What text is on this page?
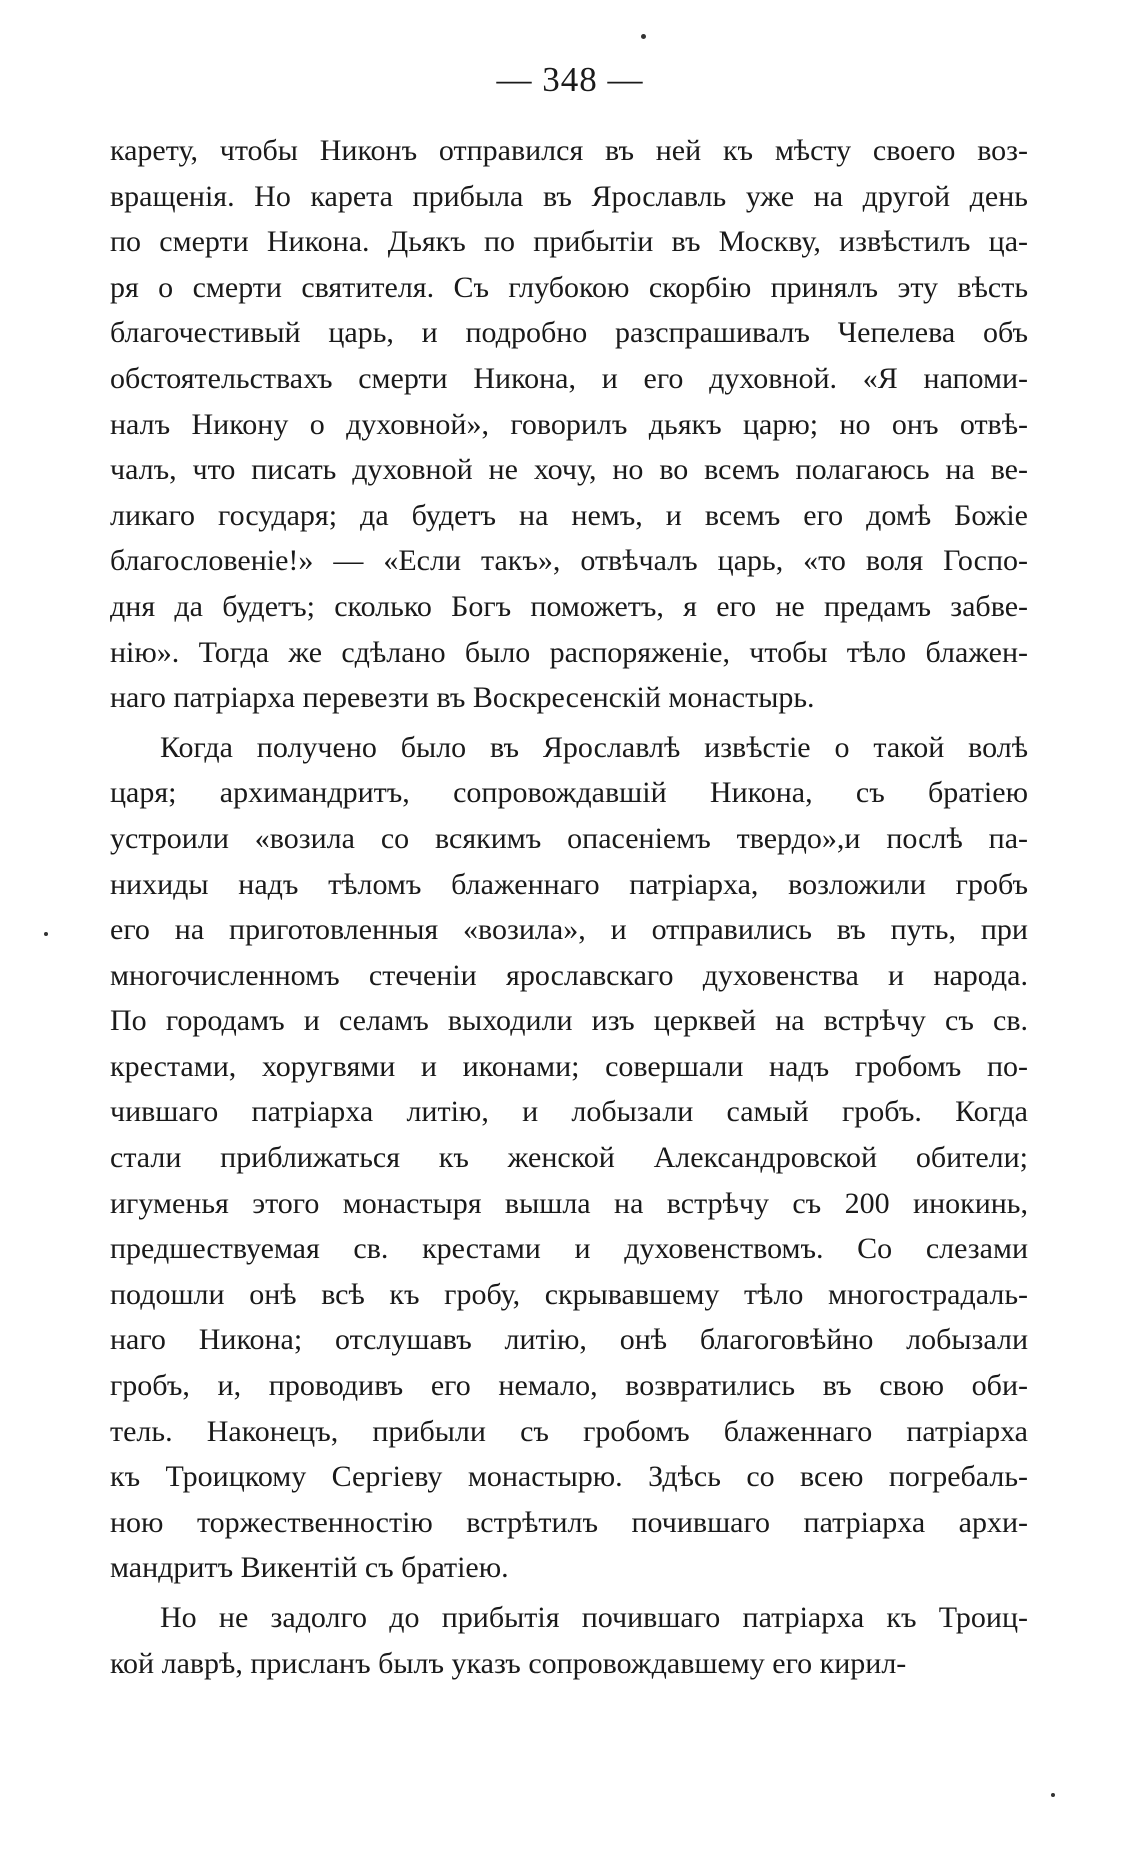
— 348 —
карету, чтобы Никонъ отправился въ ней къ мѣсту своего воз-
вращенія. Но карета прибыла въ Ярославль уже на другой день
по смерти Никона. Дьякъ по прибытіи въ Москву, извѣстилъ ца-
ря о смерти святителя. Съ глубокою скорбію принялъ эту вѣсть
благочестивый царь, и подробно разспрашивалъ Чепелева объ
обстоятельствахъ смерти Никона, и его духовной. «Я напоми-
налъ Никону о духовной», говорилъ дьякъ царю; но онъ отвѣ-
чалъ, что писать духовной не хочу, но во всемъ полагаюсь на ве-
ликаго государя; да будетъ на немъ, и всемъ его домѣ Божіе
благословеніе!» — «Если такъ», отвѣчалъ царь, «то воля Госпо-
дня да будетъ; сколько Богъ поможетъ, я его не предамъ забве-
нію». Тогда же сдѣлано было распоряженіе, чтобы тѣло блажен-
наго патріарха перевезти въ Воскресенскій монастырь.
Когда получено было въ Ярославлѣ извѣстіе о такой волѣ
царя; архимандритъ, сопровождавшій Никона, съ братіею
устроили «возила со всякимъ опасеніемъ твердо»,и послѣ па-
нихиды надъ тѣломъ блаженнаго патріарха, возложили гробъ
его на приготовленныя «возила», и отправились въ путь, при
многочисленномъ стеченіи ярославскаго духовенства и народа.
По городамъ и селамъ выходили изъ церквей на встрѣчу съ св.
крестами, хоругвями и иконами; совершали надъ гробомъ по-
чившаго патріарха литію, и лобызали самый гробъ. Когда
стали приближаться къ женской Александровской обители;
игуменья этого монастыря вышла на встрѣчу съ 200 инокинь,
предшествуемая св. крестами и духовенствомъ. Со слезами
подошли онѣ всѣ къ гробу, скрывавшему тѣло многострадаль-
наго Никона; отслушавъ литію, онѣ благоговѣйно лобызали
гробъ, и, проводивъ его немало, возвратились въ свою оби-
тель. Наконецъ, прибыли съ гробомъ блаженнаго патріарха
къ Троицкому Сергіеву монастырю. Здѣсь со всею погребаль-
ною торжественностію встрѣтилъ почившаго патріарха архи-
мандритъ Викентій съ братіею.
Но не задолго до прибытія почившаго патріарха къ Троиц-
кой лаврѣ, присланъ былъ указъ сопровождавшему его кирил-
